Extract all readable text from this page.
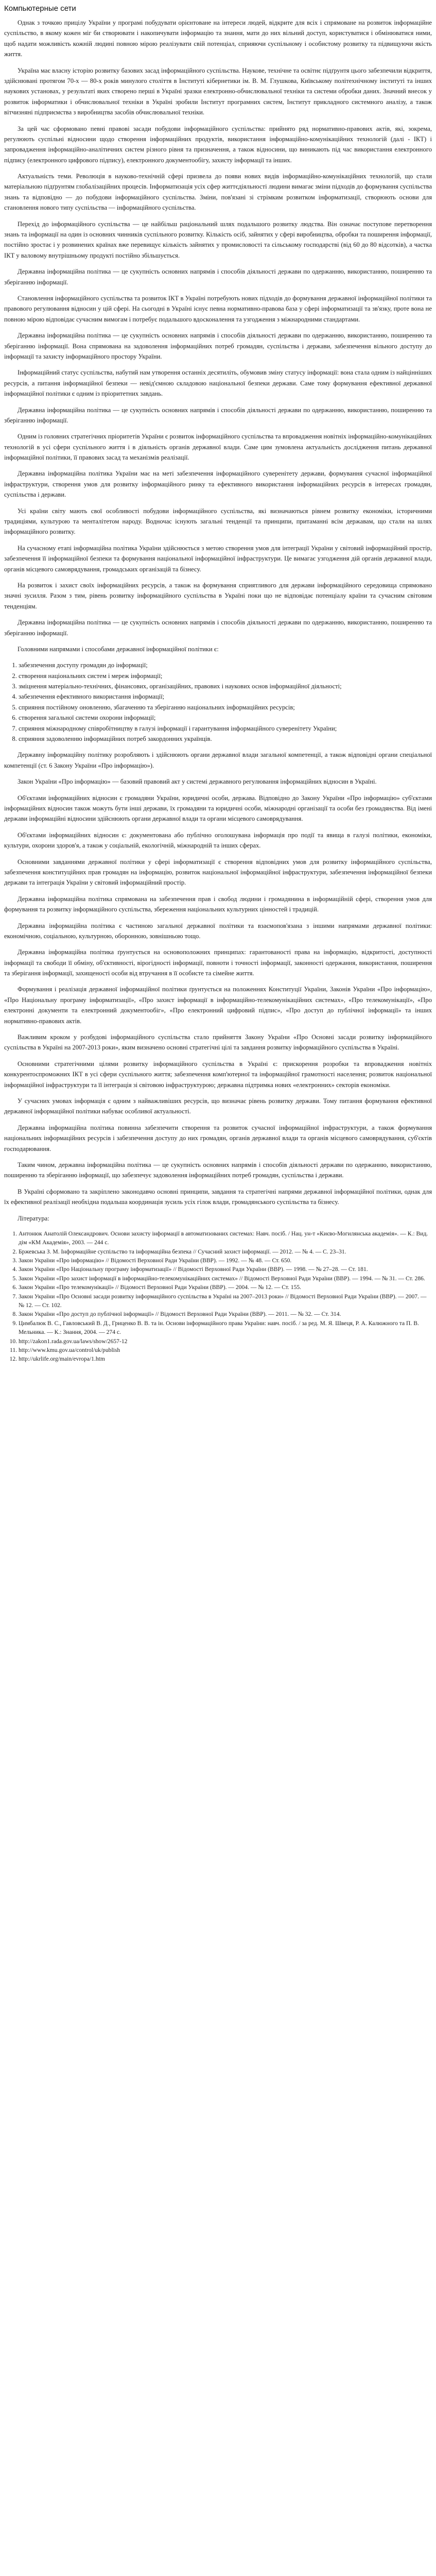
Компьютерные сети

Однак з точкою прицілу України у програмі побудувати орієнтоване на інтереси людей, відкрите для всіх і спрямоване на розвиток інформаційне суспільство, в якому кожен міг би створювати і накопичувати інформацію та знання, мати до них вільний доступ, користуватися і обмінюватися ними, щоб надати можливість кожній людині повною мірою реалізувати свій потенціал, сприяючи суспільному і особистому розвитку та підвищуючи якість життя.

Україна має власну історію розвитку базових засад інформаційного суспільства. Наукове, технічне та освітнє підґрунтя цього забезпечили відкриття, здійснювані протягом 70-х — 80-х років минулого століття в Інституті кібернетики ім. В. М. Глушкова, Київському політехнічному інституті та інших наукових установах, у результаті яких створено перші в Україні зразки електронно-обчислювальної техніки та системи обробки даних. Значний внесок у розвиток інформатики і обчислювальної техніки в Україні зробили Інститут програмних систем, Інститут прикладного системного аналізу, а також вітчизняні підприємства з виробництва засобів обчислювальної техніки.

За цей час сформовано певні правові засади побудови інформаційного суспільства: прийнято ряд нормативно-правових актів, які, зокрема, регулюють суспільні відносини щодо створення інформаційних продуктів, використання інформаційно-комунікаційних технологій (далі - ІКТ) і запровадження інформаційно-аналітичних систем різного рівня та призначення, а також відносини, що виникають під час використання електронного підпису (електронного цифрового підпису), електронного документообігу, захисту інформації та інших.

Актуальність теми. Революція в науково-технічній сфері призвела до появи нових видів інформаційно-комунікаційних технологій, що стали матеріальною підґрунтям глобалізаційних процесів. Інформатизація усіх сфер життєдіяльності людини вимагає зміни підходів до формування суспільства знань та відповідно — до побудови інформаційного суспільства. Зміни, пов'язані зі стрімким розвитком інформатизації, створюють основи для становлення нового типу суспільства — інформаційного суспільства.

Перехід до інформаційного суспільства — це найбільш раціональний шлях подальшого розвитку людства. Він означає поступове перетворення знань та інформації на один із основних чинників суспільного розвитку. Кількість осіб, зайнятих у сфері виробництва, обробки та поширення інформації, постійно зростає і у розвинених країнах вже перевищує кількість зайнятих у промисловості та сільському господарстві (від 60 до 80 відсотків), а частка ІКТ у валовому внутрішньому продукті постійно збільшується.

Державна інформаційна політика — це сукупність основних напрямів і способів діяльності держави по одержанню, використанню, поширенню та зберіганню інформації.

Становлення інформаційного суспільства та розвиток ІКТ в Україні потребують нових підходів до формування державної інформаційної політики та правового регулювання відносин у цій сфері. На сьогодні в Україні існує певна нормативно-правова база у сфері інформатизації та зв'язку, проте вона не повною мірою відповідає сучасним вимогам і потребує подальшого вдосконалення та узгодження з міжнародними стандартами.

Державна інформаційна політика — це сукупність основних напрямів і способів діяльності держави по одержанню, використанню, поширенню та зберіганню інформації. Вона спрямована на задоволення інформаційних потреб громадян, суспільства і держави, забезпечення вільного доступу до інформації та захисту інформаційного простору України.

Інформаційний статус суспільства, набутий нам утворення останніх десятиліть, обумовив зміну статусу інформації: вона стала одним із найцінніших ресурсів, а питання інформаційної безпеки — невід'ємною складовою національної безпеки держави. Саме тому формування ефективної державної інформаційної політики є одним із пріоритетних завдань.

Державна інформаційна політика — це сукупність основних напрямів і способів діяльності держави по одержанню, використанню, поширенню та зберіганню інформації.

Одним із головних стратегічних пріоритетів України є розвиток інформаційного суспільства та впровадження новітніх інформаційно-комунікаційних технологій в усі сфери суспільного життя і в діяльність органів державної влади. Саме цим зумовлена актуальність дослідження питань державної інформаційної політики, її правових засад та механізмів реалізації.

Державна інформаційна політика України має на меті забезпечення інформаційного суверенітету держави, формування сучасної інформаційної інфраструктури, створення умов для розвитку інформаційного ринку та ефективного використання інформаційних ресурсів в інтересах громадян, суспільства і держави.

Усі країни світу мають свої особливості побудови інформаційного суспільства, які визначаються рівнем розвитку економіки, історичними традиціями, культурою та менталітетом народу. Водночас існують загальні тенденції та принципи, притаманні всім державам, що стали на шлях інформаційного розвитку.

На сучасному етапі інформаційна політика України здійснюється з метою створення умов для інтеграції України у світовий інформаційний простір, забезпечення її інформаційної безпеки та формування національної інформаційної інфраструктури. Це вимагає узгодження дій органів державної влади, органів місцевого самоврядування, громадських організацій та бізнесу.

На розвиток і захист своїх інформаційних ресурсів, а також на формування сприятливого для держави інформаційного середовища спрямовано значні зусилля. Разом з тим, рівень розвитку інформаційного суспільства в Україні поки що не відповідає потенціалу країни та сучасним світовим тенденціям.

Державна інформаційна політика — це сукупність основних напрямів і способів діяльності держави по одержанню, використанню, поширенню та зберіганню інформації.

Головними напрямами і способами державної інформаційної політики є:

1. забезпечення доступу громадян до інформації;
2. створення національних систем і мереж інформації;
3. зміцнення матеріально-технічних, фінансових, організаційних, правових і наукових основ інформаційної діяльності;
4. забезпечення ефективного використання інформації;
5. сприяння постійному оновленню, збагаченню та зберіганню національних інформаційних ресурсів;
6. створення загальної системи охорони інформації;
7. сприяння міжнародному співробітництву в галузі інформації і гарантування інформаційного суверенітету України;
8. сприяння задоволенню інформаційних потреб закордонних українців.

Державну інформаційну політику розробляють і здійснюють органи державної влади загальної компетенції, а також відповідні органи спеціальної компетенції (ст. 6 Закону України «Про інформацію»).

Закон України «Про інформацію» — базовий правовий акт у системі державного регулювання інформаційних відносин в Україні.

Об'єктами інформаційних відносин є громадяни України, юридичні особи, держава. Відповідно до Закону України «Про інформацію» суб'єктами інформаційних відносин також можуть бути інші держави, їх громадяни та юридичні особи, міжнародні організації та особи без громадянства. Від імені держави інформаційні відносини здійснюють органи державної влади та органи місцевого самоврядування.

Об'єктами інформаційних відносин є: документована або публічно оголошувана інформація про події та явища в галузі політики, економіки, культури, охорони здоров'я, а також у соціальній, екологічній, міжнародній та інших сферах.

Основними завданнями державної політики у сфері інформатизації є створення відповідних умов для розвитку інформаційного суспільства, забезпечення конституційних прав громадян на інформацію, розвиток національної інформаційної інфраструктури, забезпечення інформаційної безпеки держави та інтеграція України у світовий інформаційний простір.

Державна інформаційна політика спрямована на забезпечення прав і свобод людини і громадянина в інформаційній сфері, створення умов для формування та розвитку інформаційного суспільства, збереження національних культурних цінностей і традицій.

Державна інформаційна політика є частиною загальної державної політики та взаємопов'язана з іншими напрямами державної політики: економічною, соціальною, культурною, оборонною, зовнішньою тощо.

Державна інформаційна політика ґрунтується на основоположних принципах: гарантованості права на інформацію, відкритості, доступності інформації та свободи її обміну, об'єктивності, вірогідності інформації, повноти і точності інформації, законності одержання, використання, поширення та зберігання інформації, захищеності особи від втручання в її особисте та сімейне життя.

Формування і реалізація державної інформаційної політики ґрунтується на положеннях Конституції України, Законів України «Про інформацію», «Про Національну програму інформатизації», «Про захист інформації в інформаційно-телекомунікаційних системах», «Про телекомунікації», «Про електронні документи та електронний документообіг», «Про електронний цифровий підпис», «Про доступ до публічної інформації» та інших нормативно-правових актів.

Важливим кроком у розбудові інформаційного суспільства стало прийняття Закону України «Про Основні засади розвитку інформаційного суспільства в Україні на 2007-2013 роки», яким визначено основні стратегічні цілі та завдання розвитку інформаційного суспільства в Україні.

Основними стратегічними цілями розвитку інформаційного суспільства в Україні є: прискорення розробки та впровадження новітніх конкурентоспроможних ІКТ в усі сфери суспільного життя; забезпечення комп'ютерної та інформаційної грамотності населення; розвиток національної інформаційної інфраструктури та її інтеграція зі світовою інфраструктурою; державна підтримка нових «електронних» секторів економіки.

У сучасних умовах інформація є одним з найважливіших ресурсів, що визначає рівень розвитку держави. Тому питання формування ефективної державної інформаційної політики набуває особливої актуальності.

Державна інформаційна політика повинна забезпечити створення та розвиток сучасної інформаційної інфраструктури, а також формування національних інформаційних ресурсів і забезпечення доступу до них громадян, органів державної влади та органів місцевого самоврядування, суб'єктів господарювання.

Таким чином, державна інформаційна політика — це сукупність основних напрямів і способів діяльності держави по одержанню, використанню, поширенню та зберіганню інформації, що забезпечує задоволення інформаційних потреб громадян, суспільства і держави.

В Україні сформовано та закріплено законодавчо основні принципи, завдання та стратегічні напрями державної інформаційної політики, однак для їх ефективної реалізації необхідна подальша координація зусиль усіх гілок влади, громадянського суспільства та бізнесу.

Література:

1. Антонюк Анатолій Олександрович. Основи захисту інформації в автоматизованих системах: Навч. посіб. / Нац. ун-т «Києво-Могилянська академія». — К.: Вид. дім «КМ Академія», 2003. — 244 с.
2. Бржевська З. М. Інформаційне суспільство та інформаційна безпека // Сучасний захист інформації. — 2012. — № 4. — С. 23–31.
3. Закон України «Про інформацію» // Відомості Верховної Ради України (ВВР). — 1992. — № 48. — Ст. 650.
4. Закон України «Про Національну програму інформатизації» // Відомості Верховної Ради України (ВВР). — 1998. — № 27–28. — Ст. 181.
5. Закон України «Про захист інформації в інформаційно-телекомунікаційних системах» // Відомості Верховної Ради України (ВВР). — 1994. — № 31. — Ст. 286.
6. Закон України «Про телекомунікації» // Відомості Верховної Ради України (ВВР). — 2004. — № 12. — Ст. 155.
7. Закон України «Про Основні засади розвитку інформаційного суспільства в Україні на 2007–2013 роки» // Відомості Верховної Ради України (ВВР). — 2007. — № 12. — Ст. 102.
8. Закон України «Про доступ до публічної інформації» // Відомості Верховної Ради України (ВВР). — 2011. — № 32. — Ст. 314.
9. Цимбалюк В. С., Гавловський В. Д., Гриценко В. В. та ін. Основи інформаційного права України: навч. посіб. / за ред. М. Я. Швеця, Р. А. Калюжного та П. В. Мельника. — К.: Знання, 2004. — 274 с.
10. http://zakon1.rada.gov.ua/laws/show/2657-12
11. http://www.kmu.gov.ua/control/uk/publish
12. http://ukrlife.org/main/evropa/1.htm
